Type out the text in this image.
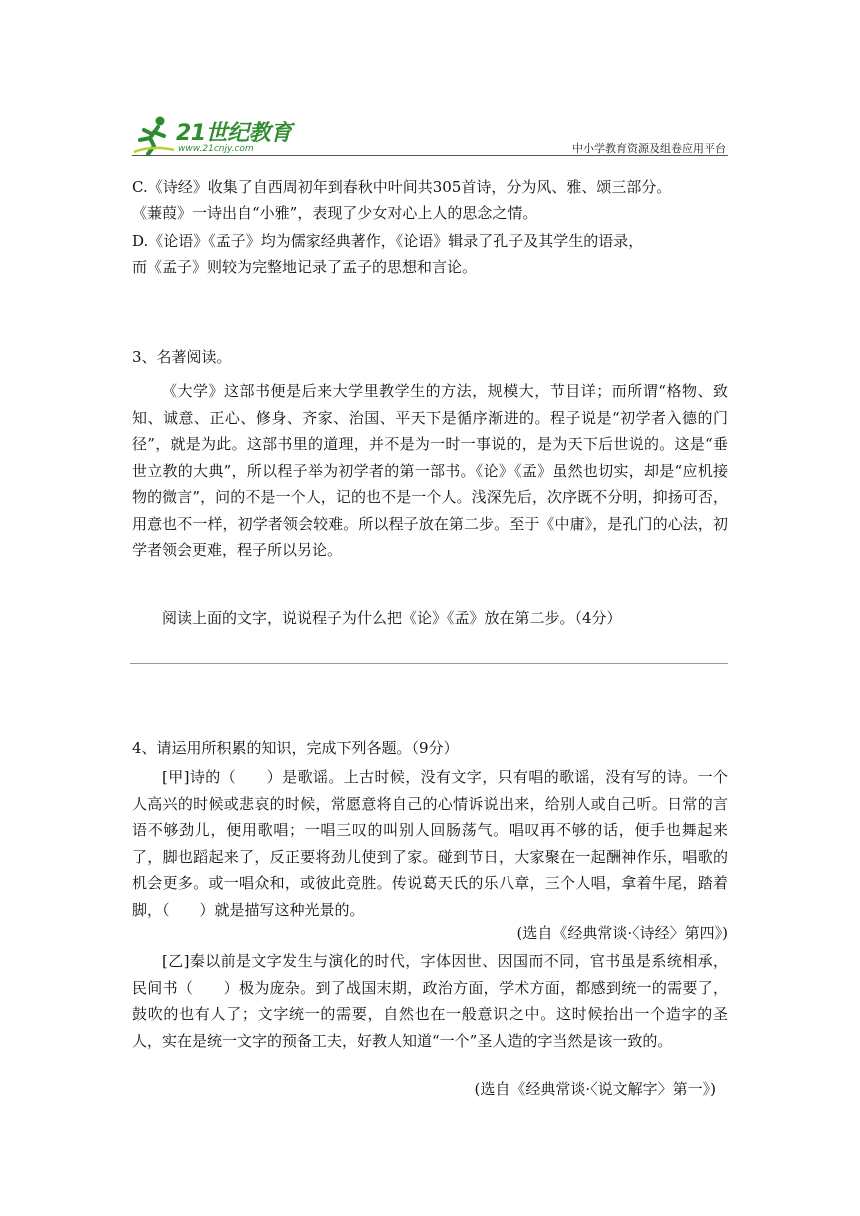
21世纪教育
www.21cnjy.com	中小学教育资源及组卷应用平台

C.《诗经》收集了自西周初年到春秋中叶间共305首诗，分为风、雅、颂三部分。

《蒹葭》一诗出自“小雅”，表现了少女对心上人的思念之情。

D.《论语》《孟子》均为儒家经典著作，《论语》辑录了孔子及其学生的语录，

而《孟子》则较为完整地记录了孟子的思想和言论。

3、名著阅读。

《大学》这部书便是后来大学里教学生的方法，规模大，节目详；而所谓“格物、致知、诚意、正心、修身、齐家、治国、平天下是循序渐进的。程子说是“初学者入德的门径”，就是为此。这部书里的道理，并不是为一时一事说的，是为天下后世说的。这是“垂世立教的大典”，所以程子举为初学者的第一部书。《论》《孟》虽然也切实，却是“应机接物的微言”，问的不是一个人，记的也不是一个人。浅深先后，次序既不分明，抑扬可否，用意也不一样，初学者领会较难。所以程子放在第二步。至于《中庸》，是孔门的心法，初学者领会更难，程子所以另论。

阅读上面的文字，说说程子为什么把《论》《孟》放在第二步。（4分）

4、请运用所积累的知识，完成下列各题。（9分）

[甲]诗的（　　）是歌谣。上古时候，没有文字，只有唱的歌谣，没有写的诗。一个人高兴的时候或悲哀的时候，常愿意将自己的心情诉说出来，给别人或自己听。日常的言语不够劲儿，便用歌唱；一唱三叹的叫别人回肠荡气。唱叹再不够的话，便手也舞起来了，脚也蹈起来了，反正要将劲儿使到了家。碰到节日，大家聚在一起酬神作乐，唱歌的机会更多。或一唱众和，或彼此竞胜。传说葛天氏的乐八章，三个人唱，拿着牛尾，踏着脚，（　　）就是描写这种光景的。

(选自《经典常谈·〈诗经〉第四》)

[乙]秦以前是文字发生与演化的时代，字体因世、因国而不同，官书虽是系统相承，民间书（　　）极为庞杂。到了战国末期，政治方面，学术方面，都感到统一的需要了，鼓吹的也有人了；文字统一的需要，自然也在一般意识之中。这时候抬出一个造字的圣人，实在是统一文字的预备工夫，好教人知道“一个”圣人造的字当然是该一致的。

(选自《经典常谈·〈说文解字〉第一》)
